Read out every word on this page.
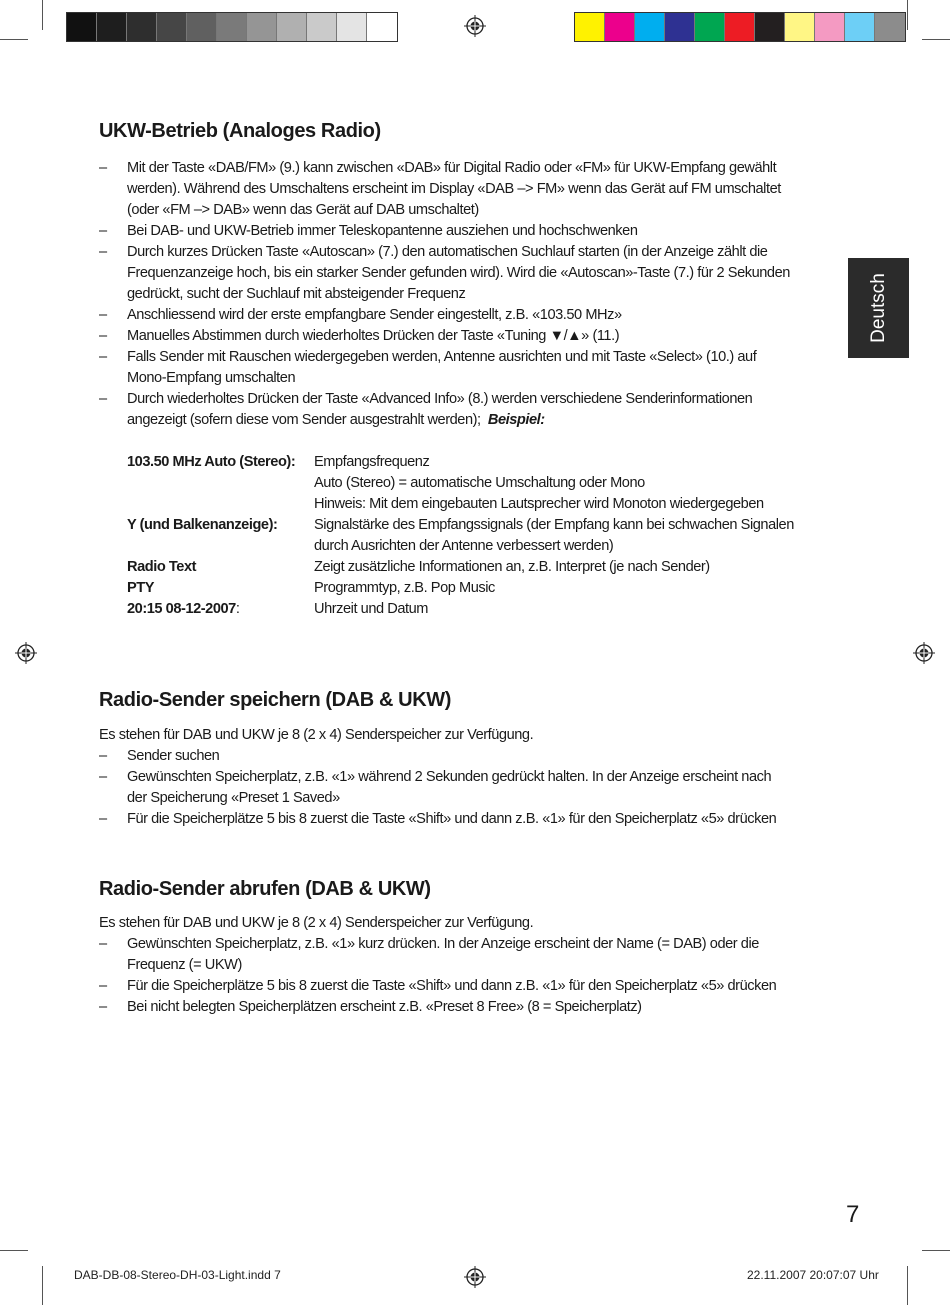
Deutsch
UKW-Betrieb (Analoges Radio)
– Mit der Taste «DAB/FM» (9.) kann zwischen «DAB» für Digital Radio oder «FM» für UKW-Empfang gewählt
werden). Während des Umschaltens erscheint im Display «DAB –> FM» wenn das Gerät auf FM umschaltet
(oder «FM –> DAB» wenn das Gerät auf DAB umschaltet)
– Bei DAB- und UKW-Betrieb immer Teleskopantenne ausziehen und hochschwenken
– Durch kurzes Drücken Taste «Autoscan» (7.) den automatischen Suchlauf starten (in der Anzeige zählt die
Frequenzanzeige hoch, bis ein starker Sender gefunden wird). Wird die «Autoscan»-Taste (7.) für 2 Sekunden
gedrückt, sucht der Suchlauf mit absteigender Frequenz
– Anschliessend wird der erste empfangbare Sender eingestellt, z.B. «103.50 MHz»
– Manuelles Abstimmen durch wiederholtes Drücken der Taste «Tuning ▼/▲» (11.)
– Falls Sender mit Rauschen wiedergegeben werden, Antenne ausrichten und mit Taste «Select» (10.) auf
Mono-Empfang umschalten
– Durch wiederholtes Drücken der Taste «Advanced Info» (8.) werden verschiedene Senderinformationen
angezeigt (sofern diese vom Sender ausgestrahlt werden); Beispiel:
103.50 MHz Auto (Stereo): Empfangsfrequenz
Auto (Stereo) = automatische Umschaltung oder Mono
Hinweis: Mit dem eingebauten Lautsprecher wird Monoton wiedergegeben
Y (und Balkenanzeige):	Signalstärke des Empfangssignals (der Empfang kann bei schwachen Signalen
durch Ausrichten der Antenne verbessert werden)
Radio Text	Zeigt zusätzliche Informationen an, z.B. Interpret (je nach Sender)
PTY	Programmtyp, z.B. Pop Music
20:15 08-12-2007:	Uhrzeit und Datum
Radio-Sender speichern (DAB & UKW)
Es stehen für DAB und UKW je 8 (2 x 4) Senderspeicher zur Verfügung.
– Sender suchen
– Gewünschten Speicherplatz, z.B. «1» während 2 Sekunden gedrückt halten. In der Anzeige erscheint nach
der Speicherung «Preset 1 Saved»
– Für die Speicherplätze 5 bis 8 zuerst die Taste «Shift» und dann z.B. «1» für den Speicherplatz «5» drücken
Radio-Sender abrufen (DAB & UKW)
Es stehen für DAB und UKW je 8 (2 x 4) Senderspeicher zur Verfügung.
– Gewünschten Speicherplatz, z.B. «1» kurz drücken. In der Anzeige erscheint der Name (= DAB) oder die
Frequenz (= UKW)
– Für die Speicherplätze 5 bis 8 zuerst die Taste «Shift» und dann z.B. «1» für den Speicherplatz «5» drücken
– Bei nicht belegten Speicherplätzen erscheint z.B. «Preset 8 Free» (8 = Speicherplatz)
7
DAB-DB-08-Stereo-DH-03-Light.indd 7	22.11.2007 20:07:07 Uhr
